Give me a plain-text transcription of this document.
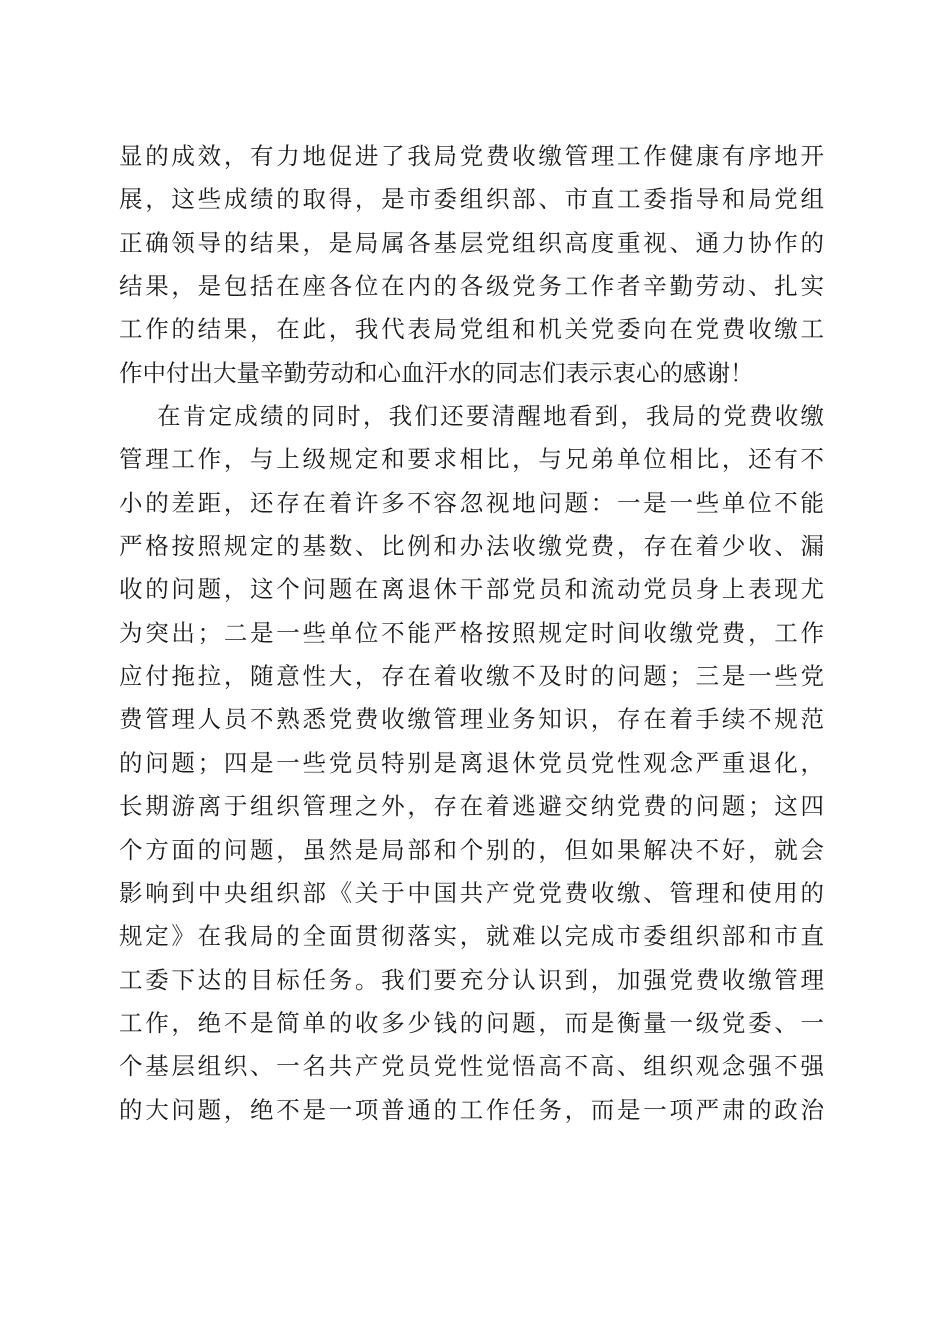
显的成效，有力地促进了我局党费收缴管理工作健康有序地开
展，这些成绩的取得，是市委组织部、市直工委指导和局党组
正确领导的结果，是局属各基层党组织高度重视、通力协作的
结果，是包括在座各位在内的各级党务工作者辛勤劳动、扎实
工作的结果，在此，我代表局党组和机关党委向在党费收缴工
作中付出大量辛勤劳动和心血汗水的同志们表示衷心的感谢！
在肯定成绩的同时，我们还要清醒地看到，我局的党费收缴
管理工作，与上级规定和要求相比，与兄弟单位相比，还有不
小的差距，还存在着许多不容忽视地问题：一是一些单位不能
严格按照规定的基数、比例和办法收缴党费，存在着少收、漏
收的问题，这个问题在离退休干部党员和流动党员身上表现尤
为突出；二是一些单位不能严格按照规定时间收缴党费，工作
应付拖拉，随意性大，存在着收缴不及时的问题；三是一些党
费管理人员不熟悉党费收缴管理业务知识，存在着手续不规范
的问题；四是一些党员特别是离退休党员党性观念严重退化，
长期游离于组织管理之外，存在着逃避交纳党费的问题；这四
个方面的问题，虽然是局部和个别的，但如果解决不好，就会
影响到中央组织部《关于中国共产党党费收缴、管理和使用的
规定》在我局的全面贯彻落实，就难以完成市委组织部和市直
工委下达的目标任务。我们要充分认识到，加强党费收缴管理
工作，绝不是简单的收多少钱的问题，而是衡量一级党委、一
个基层组织、一名共产党员党性觉悟高不高、组织观念强不强
的大问题，绝不是一项普通的工作任务，而是一项严肃的政治
